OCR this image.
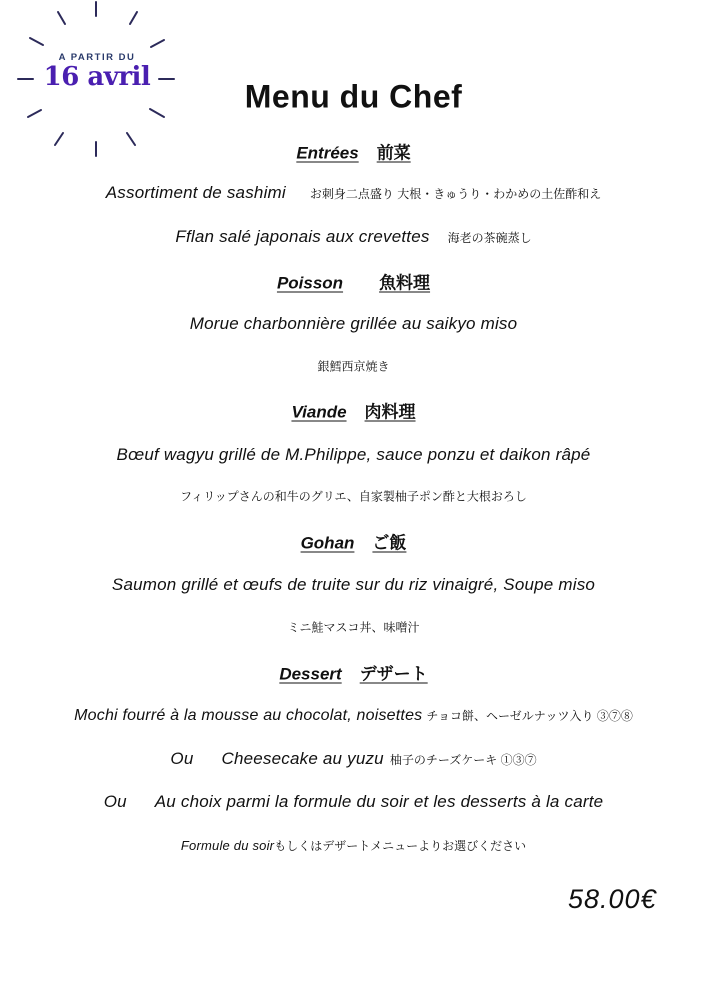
A PARTIR DU
16 avril
Menu du Chef
Entrées 前菜
Assortiment de sashimi お刺身二点盛り 大根・きゅうり・わかめの土佐酢和え
Fflan salé japonais aux crevettes 海老の茶碗蒸し
Poisson 魚料理
Morue charbonnière grillée au saikyo miso
銀鱈西京焼き
Viande 肉料理
Bœuf wagyu grillé de M.Philippe, sauce ponzu et daikon râpé
フィリップさんの和牛のグリエ、自家製柚子ポン酢と大根おろし
Gohan ご飯
Saumon grillé et œufs de truite sur du riz vinaigré, Soupe miso
ミニ鮭マスコ丼、味噌汁
Dessert デザート
Mochi fourré à la mousse au chocolat, noisettes チョコ餅、ヘーゼルナッツ入り ③⑦⑧
Ou Cheesecake au yuzu 柚子のチーズケーキ ①③⑦
Ou Au choix parmi la formule du soir et les desserts à la carte
Formule du soirもしくはデザートメニューよりお選びください
58.00€
